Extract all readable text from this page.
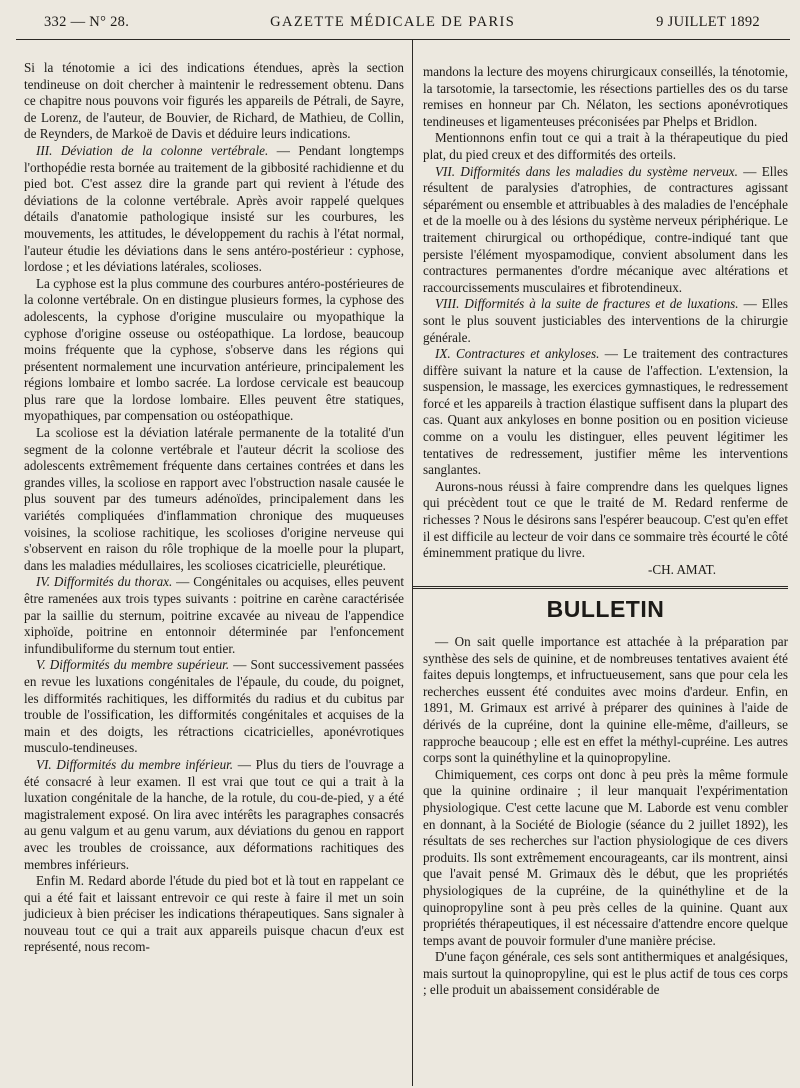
332 — N° 28.	GAZETTE MÉDICALE DE PARIS	9 JUILLET 1892

Si la ténotomie a ici des indications étendues, après la section tendineuse on doit chercher à maintenir le redressement obtenu. Dans ce chapitre nous pouvons voir figurés les appareils de Pétrali, de Sayre, de Lorenz, de l'auteur, de Bouvier, de Richard, de Mathieu, de Collin, de Reynders, de Markoë de Davis et déduire leurs indications.

III. Déviation de la colonne vertébrale. — Pendant longtemps l'orthopédie resta bornée au traitement de la gibbosité rachidienne et du pied bot. C'est assez dire la grande part qui revient à l'étude des déviations de la colonne vertébrale. Après avoir rappelé quelques détails d'anatomie pathologique insisté sur les courbures, les mouvements, les attitudes, le développement du rachis à l'état normal, l'auteur étudie les déviations dans le sens antéro-postérieur : cyphose, lordose ; et les déviations latérales, scolioses.

La cyphose est la plus commune des courbures antéro-postérieures de la colonne vertébrale. On en distingue plusieurs formes, la cyphose des adolescents, la cyphose d'origine musculaire ou myopathique la cyphose d'origine osseuse ou ostéopathique. La lordose, beaucoup moins fréquente que la cyphose, s'observe dans les régions qui présentent normalement une incurvation antérieure, principalement les régions lombaire et lombo sacrée. La lordose cervicale est beaucoup plus rare que la lordose lombaire. Elles peuvent être statiques, myopathiques, par compensation ou ostéopathique.

La scoliose est la déviation latérale permanente de la totalité d'un segment de la colonne vertébrale et l'auteur décrit la scoliose des adolescents extrêmement fréquente dans certaines contrées et dans les grandes villes, la scoliose en rapport avec l'obstruction nasale causée le plus souvent par des tumeurs adénoïdes, principalement dans les variétés compliquées d'inflammation chronique des muqueuses voisines, la scoliose rachitique, les scolioses d'origine nerveuse qui s'observent en raison du rôle trophique de la moelle pour la plupart, dans les maladies médullaires, les scolioses cicatricielle, pleurétique.

IV. Difformités du thorax. — Congénitales ou acquises, elles peuvent être ramenées aux trois types suivants : poitrine en carène caractérisée par la saillie du sternum, poitrine excavée au niveau de l'appendice xiphoïde, poitrine en entonnoir déterminée par l'enfoncement infundibuliforme du sternum tout entier.

V. Difformités du membre supérieur. — Sont successivement passées en revue les luxations congénitales de l'épaule, du coude, du poignet, les difformités rachitiques, les difformités du radius et du cubitus par trouble de l'ossification, les difformités congénitales et acquises de la main et des doigts, les rétractions cicatricielles, aponévrotiques musculo-tendineuses.

VI. Difformités du membre inférieur. — Plus du tiers de l'ouvrage a été consacré à leur examen. Il est vrai que tout ce qui a trait à la luxation congénitale de la hanche, de la rotule, du cou-de-pied, y a été magistralement exposé. On lira avec intérêts les paragraphes consacrés au genu valgum et au genu varum, aux déviations du genou en rapport avec les troubles de croissance, aux déformations rachitiques des membres inférieurs.

Enfin M. Redard aborde l'étude du pied bot et là tout en rappelant ce qui a été fait et laissant entrevoir ce qui reste à faire il met un soin judicieux à bien préciser les indications thérapeutiques. Sans signaler à nouveau tout ce qui a trait aux appareils puisque chacun d'eux est représenté, nous recom-

mandons la lecture des moyens chirurgicaux conseillés, la ténotomie, la tarsotomie, la tarsectomie, les résections partielles des os du tarse remises en honneur par Ch. Nélaton, les sections aponévrotiques tendineuses et ligamenteuses préconisées par Phelps et Bridlon.

Mentionnons enfin tout ce qui a trait à la thérapeutique du pied plat, du pied creux et des difformités des orteils.

VII. Difformités dans les maladies du système nerveux. — Elles résultent de paralysies d'atrophies, de contractures agissant séparément ou ensemble et attribuables à des maladies de l'encéphale et de la moelle ou à des lésions du système nerveux périphérique. Le traitement chirurgical ou orthopédique, contre-indiqué tant que persiste l'élément myospamodique, convient absolument dans les contractures permanentes d'ordre mécanique avec altérations et raccourcissements musculaires et fibrotendineux.

VIII. Difformités à la suite de fractures et de luxations. — Elles sont le plus souvent justiciables des interventions de la chirurgie générale.

IX. Contractures et ankyloses. — Le traitement des contractures diffère suivant la nature et la cause de l'affection. L'extension, la suspension, le massage, les exercices gymnastiques, le redressement forcé et les appareils à traction élastique suffisent dans la plupart des cas. Quant aux ankyloses en bonne position ou en position vicieuse comme on a voulu les distinguer, elles peuvent légitimer les tentatives de redressement, justifier même les interventions sanglantes.

Aurons-nous réussi à faire comprendre dans les quelques lignes qui précèdent tout ce que le traité de M. Redard renferme de richesses ? Nous le désirons sans l'espérer beaucoup. C'est qu'en effet il est difficile au lecteur de voir dans ce sommaire très écourté le côté éminemment pratique du livre.

-CH. AMAT.

BULLETIN

— On sait quelle importance est attachée à la préparation par synthèse des sels de quinine, et de nombreuses tentatives avaient été faites depuis longtemps, et infructueusement, sans que pour cela les recherches eussent été conduites avec moins d'ardeur. Enfin, en 1891, M. Grimaux est arrivé à préparer des quinines à l'aide de dérivés de la cupréine, dont la quinine elle-même, d'ailleurs, se rapproche beaucoup ; elle est en effet la méthyl-cupréine. Les autres corps sont la quinéthyline et la quinopropyline.

Chimiquement, ces corps ont donc à peu près la même formule que la quinine ordinaire ; il leur manquait l'expérimentation physiologique. C'est cette lacune que M. Laborde est venu combler en donnant, à la Société de Biologie (séance du 2 juillet 1892), les résultats de ses recherches sur l'action physiologique de ces divers produits. Ils sont extrêmement encourageants, car ils montrent, ainsi que l'avait pensé M. Grimaux dès le début, que les propriétés physiologiques de la cupréine, de la quinéthyline et de la quinopropyline sont à peu près celles de la quinine. Quant aux propriétés thérapeutiques, il est nécessaire d'attendre encore quelque temps avant de pouvoir formuler d'une manière précise.

D'une façon générale, ces sels sont antithermiques et analgésiques, mais surtout la quinopropyline, qui est le plus actif de tous ces corps ; elle produit un abaissement considérable de
